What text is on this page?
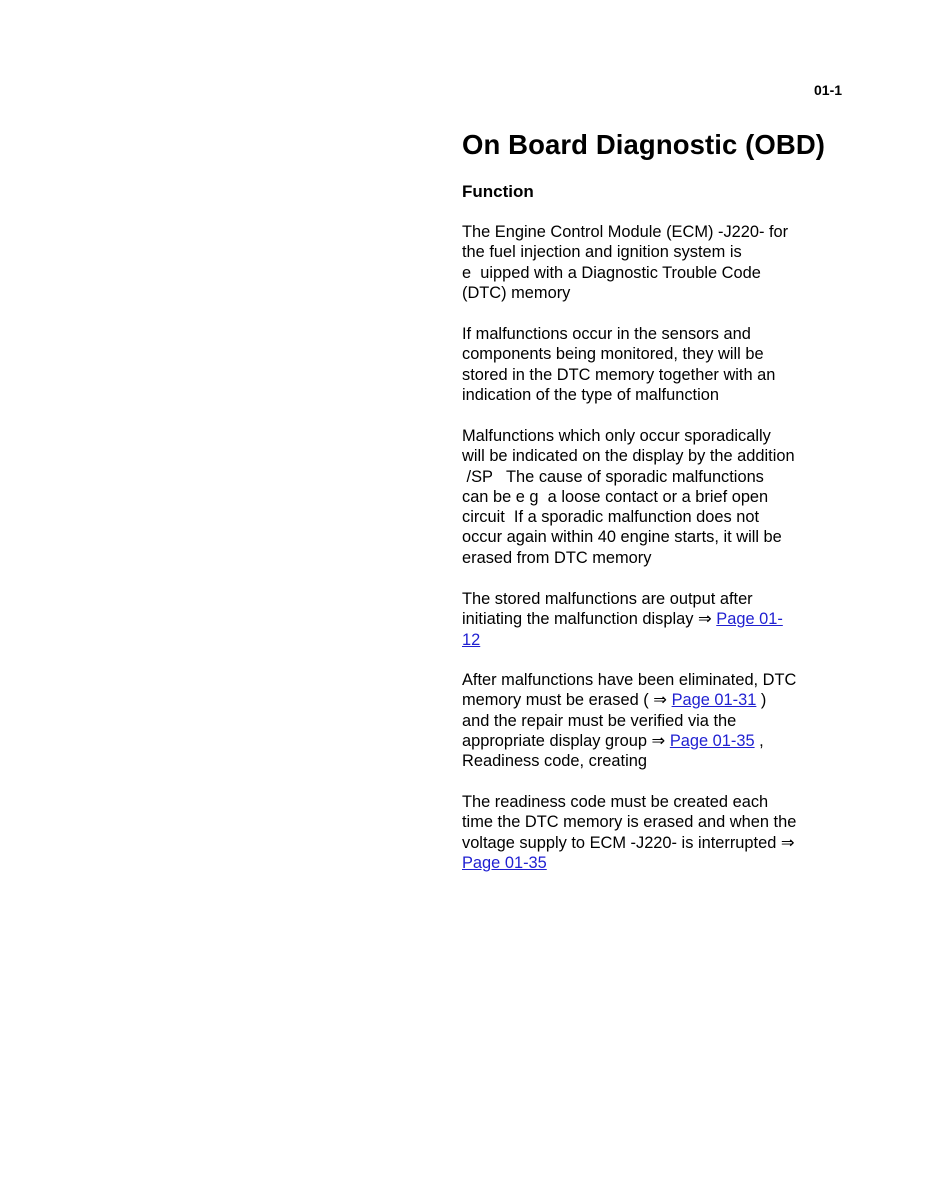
01-1
On Board Diagnostic (OBD)
Function

The Engine Control Module (ECM) -J220- for
the fuel injection and ignition system is
e  uipped with a Diagnostic Trouble Code
(DTC) memory

If malfunctions occur in the sensors and
components being monitored, they will be
stored in the DTC memory together with an
indication of the type of malfunction

Malfunctions which only occur sporadically
will be indicated on the display by the addition
/SP   The cause of sporadic malfunctions
can be e g  a loose contact or a brief open
circuit  If a sporadic malfunction does not
occur again within 40 engine starts, it will be
erased from DTC memory

The stored malfunctions are output after
initiating the malfunction display ⇒ Page 01-
12

After malfunctions have been eliminated, DTC
memory must be erased ( ⇒ Page 01-31 )
and the repair must be verified via the
appropriate display group ⇒ Page 01-35 ,
Readiness code, creating

The readiness code must be created each
time the DTC memory is erased and when the
voltage supply to ECM -J220- is interrupted ⇒
Page 01-35
